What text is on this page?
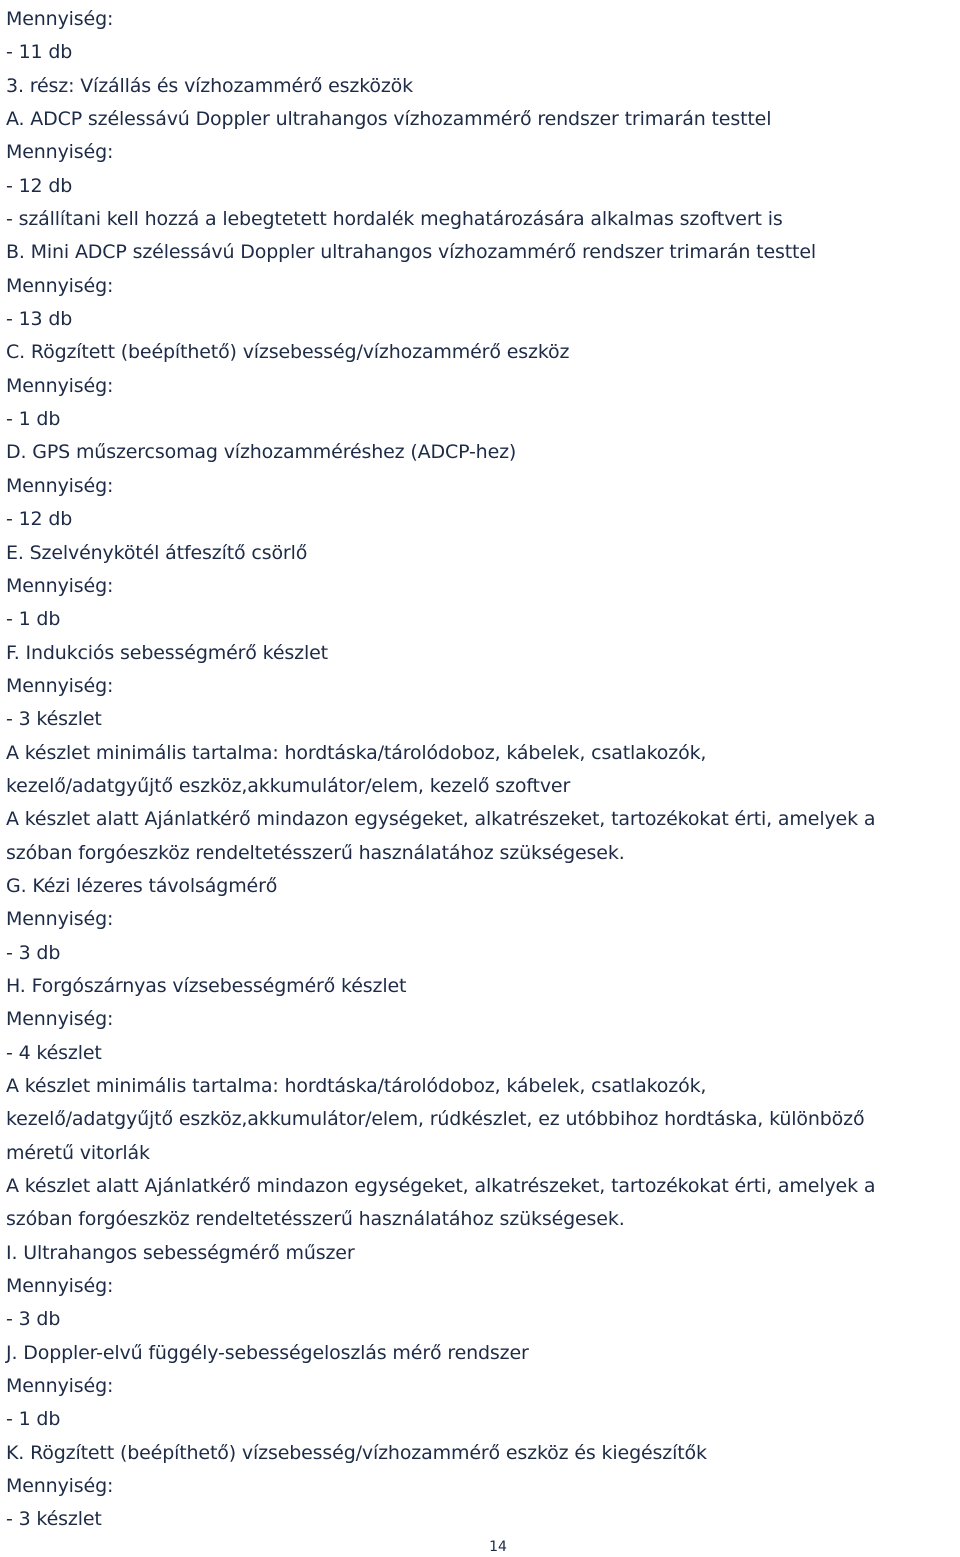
Mennyiség:
- 11 db
3. rész: Vízállás és vízhozammérő eszközök
A. ADCP szélessávú Doppler ultrahangos vízhozammérő rendszer trimarán testtel
Mennyiség:
- 12 db
- szállítani kell hozzá a lebegtetett hordalék meghatározására alkalmas szoftvert is
B. Mini ADCP szélessávú Doppler ultrahangos vízhozammérő rendszer trimarán testtel
Mennyiség:
- 13 db
C. Rögzített (beépíthető) vízsebesség/vízhozammérő eszköz
Mennyiség:
- 1 db
D. GPS műszercsomag vízhozamméréshez (ADCP-hez)
Mennyiség:
- 12 db
E. Szelvénykötél átfeszítő csörlő
Mennyiség:
- 1 db
F. Indukciós sebességmérő készlet
Mennyiség:
- 3 készlet
A készlet minimális tartalma: hordtáska/tárolódoboz, kábelek, csatlakozók,
kezelő/adatgyűjtő eszköz,akkumulátor/elem, kezelő szoftver
A készlet alatt Ajánlatkérő mindazon egységeket, alkatrészeket, tartozékokat érti, amelyek a
szóban forgóeszköz rendeltetésszerű használatához szükségesek.
G. Kézi lézeres távolságmérő
Mennyiség:
- 3 db
H. Forgószárnyas vízsebességmérő készlet
Mennyiség:
- 4 készlet
A készlet minimális tartalma: hordtáska/tárolódoboz, kábelek, csatlakozók,
kezelő/adatgyűjtő eszköz,akkumulátor/elem, rúdkészlet, ez utóbbihoz hordtáska, különböző
méretű vitorlák
A készlet alatt Ajánlatkérő mindazon egységeket, alkatrészeket, tartozékokat érti, amelyek a
szóban forgóeszköz rendeltetésszerű használatához szükségesek.
I. Ultrahangos sebességmérő műszer
Mennyiség:
- 3 db
J. Doppler-elvű függély-sebességeloszlás mérő rendszer
Mennyiség:
- 1 db
K. Rögzített (beépíthető) vízsebesség/vízhozammérő eszköz és kiegészítők
Mennyiség:
- 3 készlet
14
